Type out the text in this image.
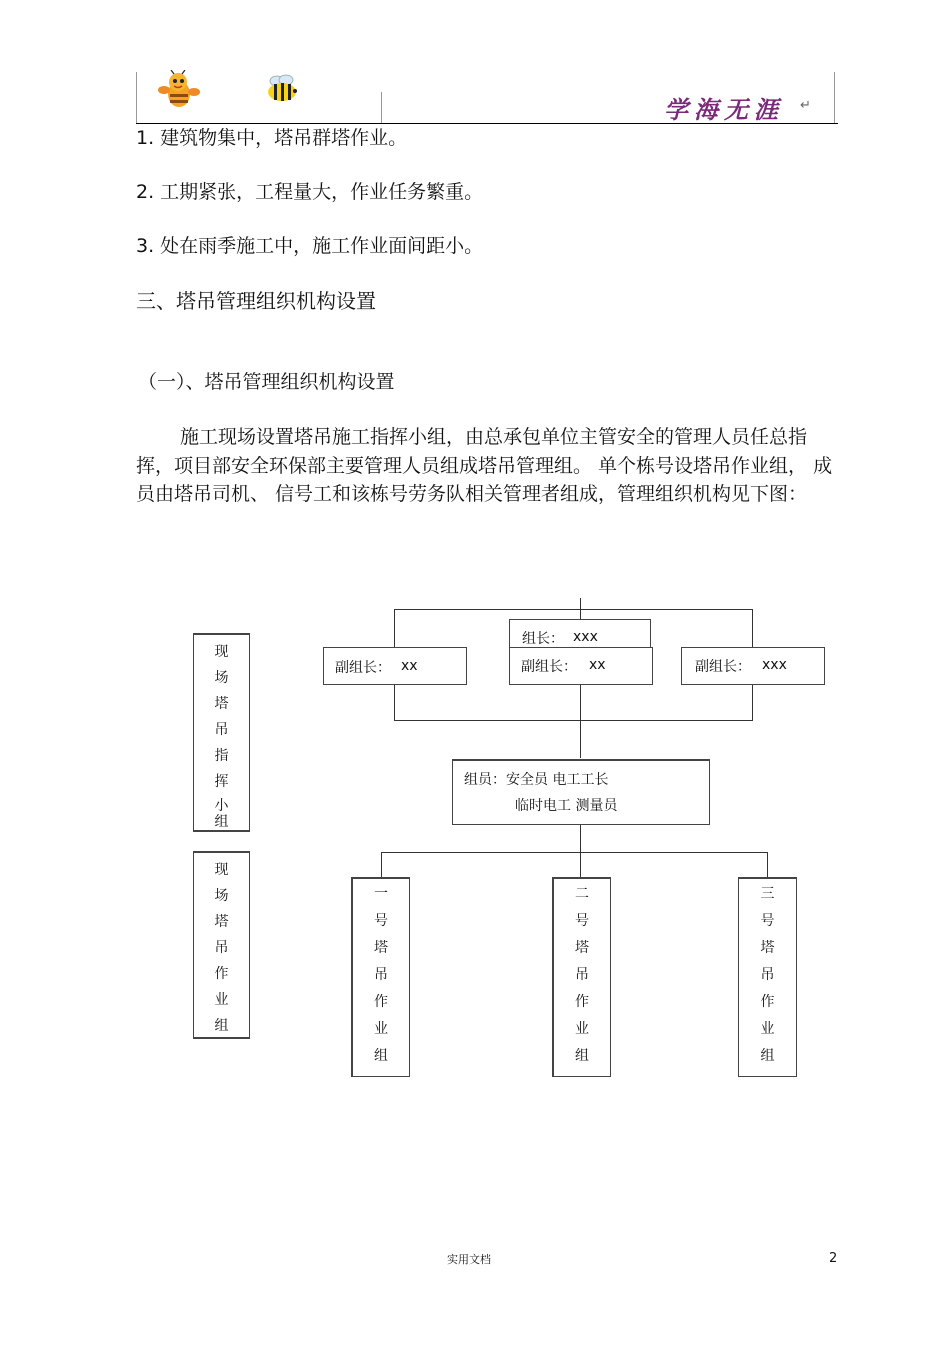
学海无涯 ↵
1. 建筑物集中，塔吊群塔作业。
2. 工期紧张，工程量大，作业任务繁重。
3. 处在雨季施工中，施工作业面间距小。
三、塔吊管理组织机构设置
（一）、塔吊管理组织机构设置
施工现场设置塔吊施工指挥小组，由总承包单位主管安全的管理人员任总指挥，项目部安全环保部主要管理人员组成塔吊管理组。 单个栋号设塔吊作业组， 成员由塔吊司机、 信号工和该栋号劳务队相关管理者组成，管理组织机构见下图：
现
场
塔
吊
指
挥
小
组
现
场
塔
吊
作
业
组
组长： xxx
副组长： xx	副组长： xx	副组长： xxx
组员：安全员 电工工长
临时电工 测量员
一
号
塔
吊
作
业
组
二
号
塔
吊
作
业
组
三
号
塔
吊
作
业
组
实用文档	2
